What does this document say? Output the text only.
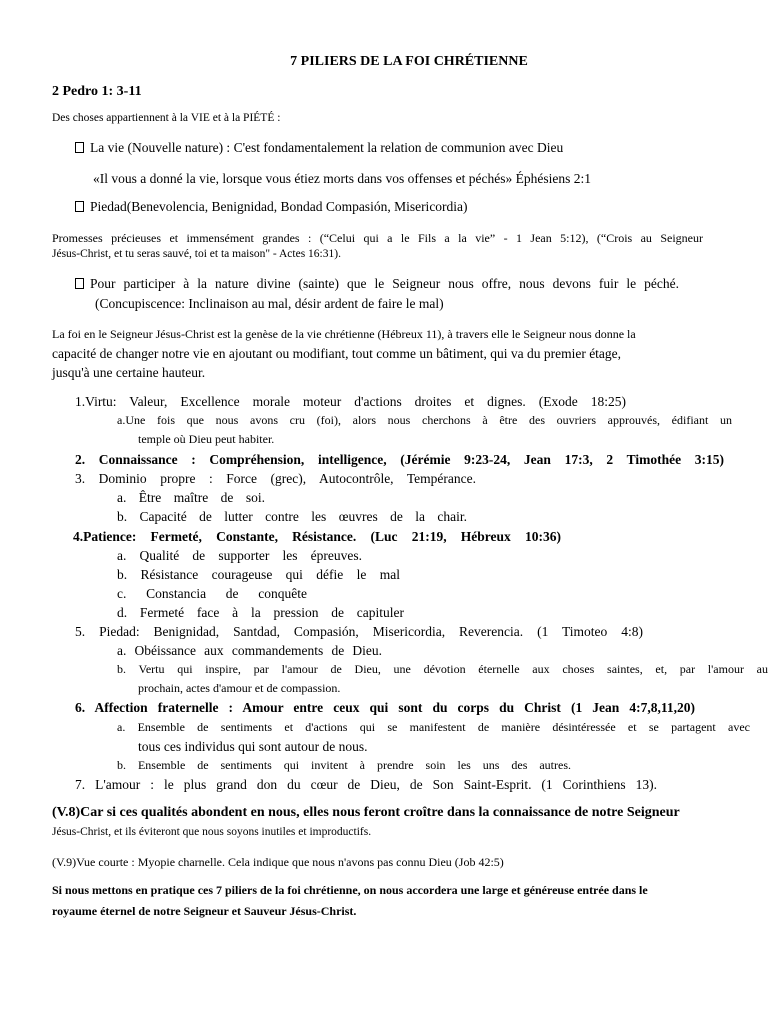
7 PILIERS DE LA FOI CHRÉTIENNE
2 Pedro 1: 3-11
Des choses appartiennent à la VIE et à la PIÉTÉ :
La vie (Nouvelle nature) : C'est fondamentalement la relation de communion avec Dieu
«Il vous a donné la vie, lorsque vous étiez morts dans vos offenses et péchés» Éphésiens 2:1
Piedad(Benevolencia, Benignidad, Bondad Compasión, Misericordia)
Promesses précieuses et immensément grandes : (“Celui qui a le Fils a la vie” - 1 Jean 5:12), (“Crois au Seigneur
Jésus-Christ, et tu seras sauvé, toi et ta maison" - Actes 16:31).
Pour participer à la nature divine (sainte) que le Seigneur nous offre, nous devons fuir le péché.
(Concupiscence: Inclinaison au mal, désir ardent de faire le mal)
La foi en le Seigneur Jésus-Christ est la genèse de la vie chrétienne (Hébreux 11), à travers elle le Seigneur nous donne la
capacité de changer notre vie en ajoutant ou modifiant, tout comme un bâtiment, qui va du premier étage,
jusqu'à une certaine hauteur.
1.Virtu: Valeur, Excellence morale moteur d'actions droites et dignes. (Exode 18:25)
a.Une fois que nous avons cru (foi), alors nous cherchons à être des ouvriers approuvés, édifiant un
temple où Dieu peut habiter.
2. Connaissance : Compréhension, intelligence, (Jérémie 9:23-24, Jean 17:3, 2 Timothée 3:15)
3. Dominio propre : Force (grec), Autocontrôle, Tempérance.
a. Être maître de soi.
b. Capacité de lutter contre les œuvres de la chair.
4.Patience: Fermeté, Constante, Résistance. (Luc 21:19, Hébreux 10:36)
a. Qualité de supporter les épreuves.
b. Résistance courageuse qui défie le mal
c. Constancia de conquête
d. Fermeté face à la pression de capituler
5. Piedad: Benignidad, Santdad, Compasión, Misericordia, Reverencia. (1 Timoteo 4:8)
a. Obéissance aux commandements de Dieu.
b. Vertu qui inspire, par l'amour de Dieu, une dévotion éternelle aux choses saintes, et, par l'amour au
prochain, actes d'amour et de compassion.
6. Affection fraternelle : Amour entre ceux qui sont du corps du Christ (1 Jean 4:7,8,11,20)
a. Ensemble de sentiments et d'actions qui se manifestent de manière désintéressée et se partagent avec
tous ces individus qui sont autour de nous.
b. Ensemble de sentiments qui invitent à prendre soin les uns des autres.
7. L'amour : le plus grand don du cœur de Dieu, de Son Saint-Esprit. (1 Corinthiens 13).
(V.8)Car si ces qualités abondent en nous, elles nous feront croître dans la connaissance de notre Seigneur
Jésus-Christ, et ils éviteront que nous soyons inutiles et improductifs.
(V.9)Vue courte : Myopie charnelle. Cela indique que nous n'avons pas connu Dieu (Job 42:5)
Si nous mettons en pratique ces 7 piliers de la foi chrétienne, on nous accordera une large et généreuse entrée dans le
royaume éternel de notre Seigneur et Sauveur Jésus-Christ.
